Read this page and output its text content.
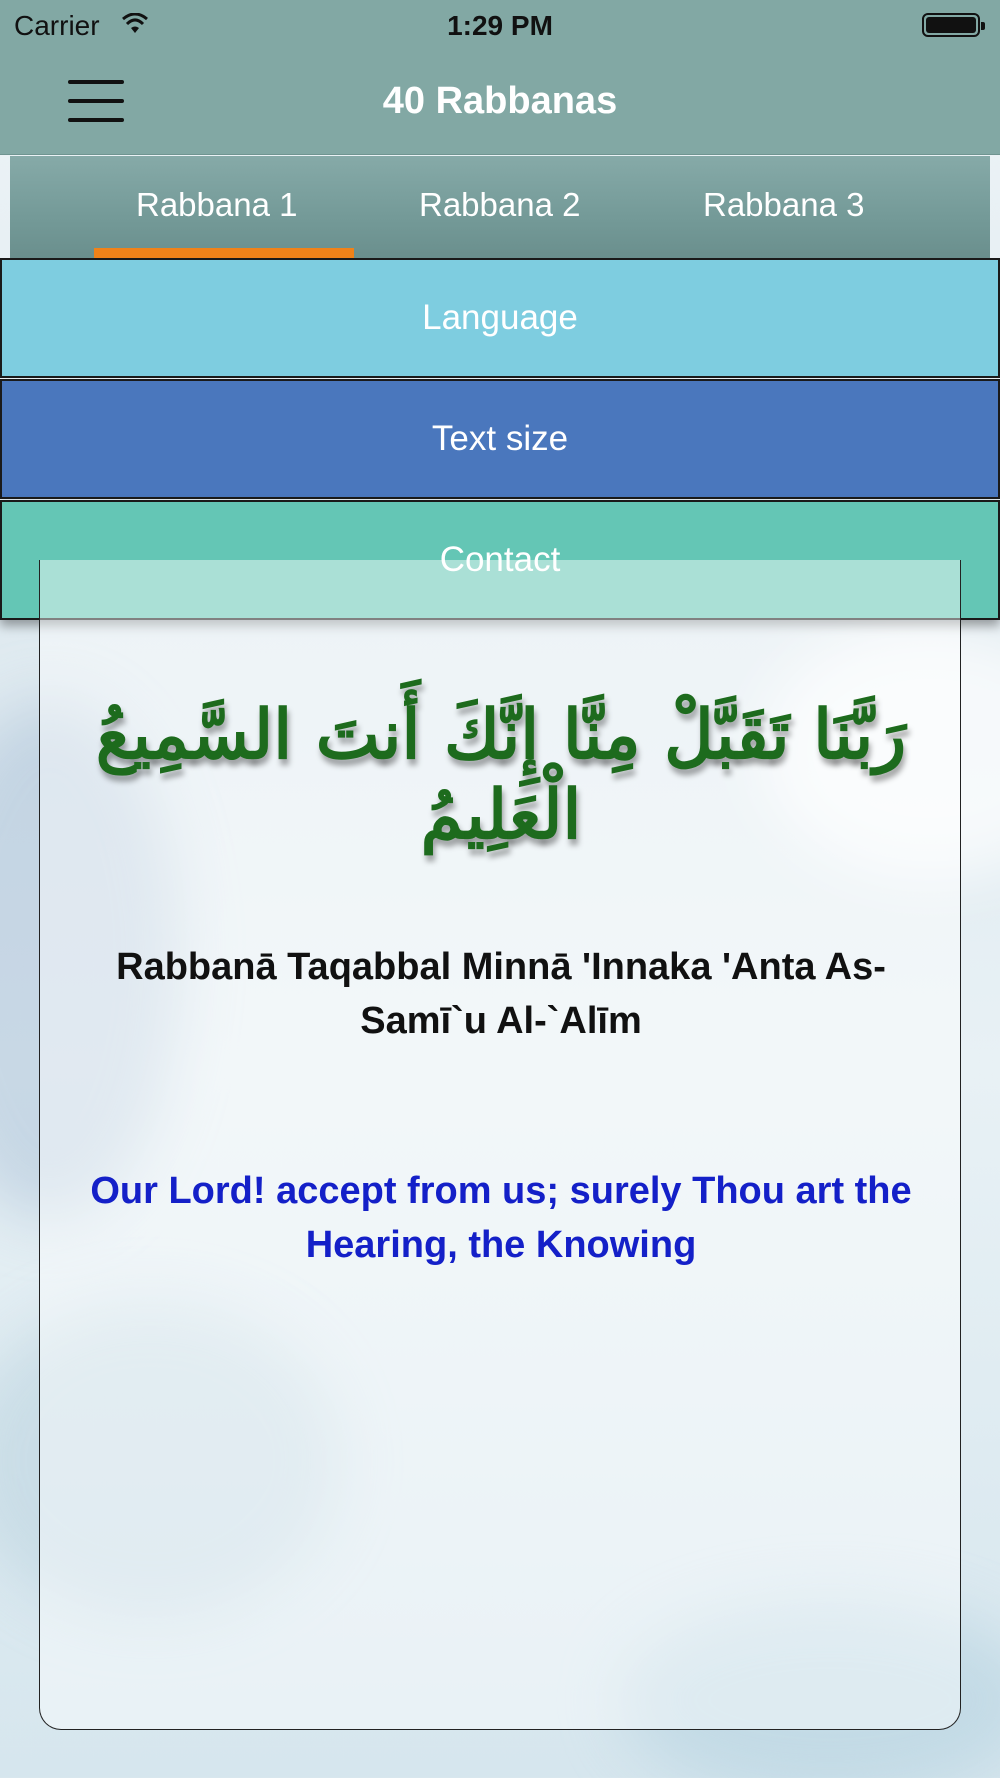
Carrier	1:29 PM
40 Rabbanas
Rabbana 1	Rabbana 2	Rabbana 3
Language
Text size
Contact
رَبَّنَا تَقَبَّلْ مِنَّا إِنَّكَ أَنتَ السَّمِيعُ الْعَلِيمُ
Rabbanā Taqabbal Minnā 'Innaka 'Anta As-Samī`u Al-`Alīm
Our Lord! accept from us; surely Thou art the Hearing, the Knowing
